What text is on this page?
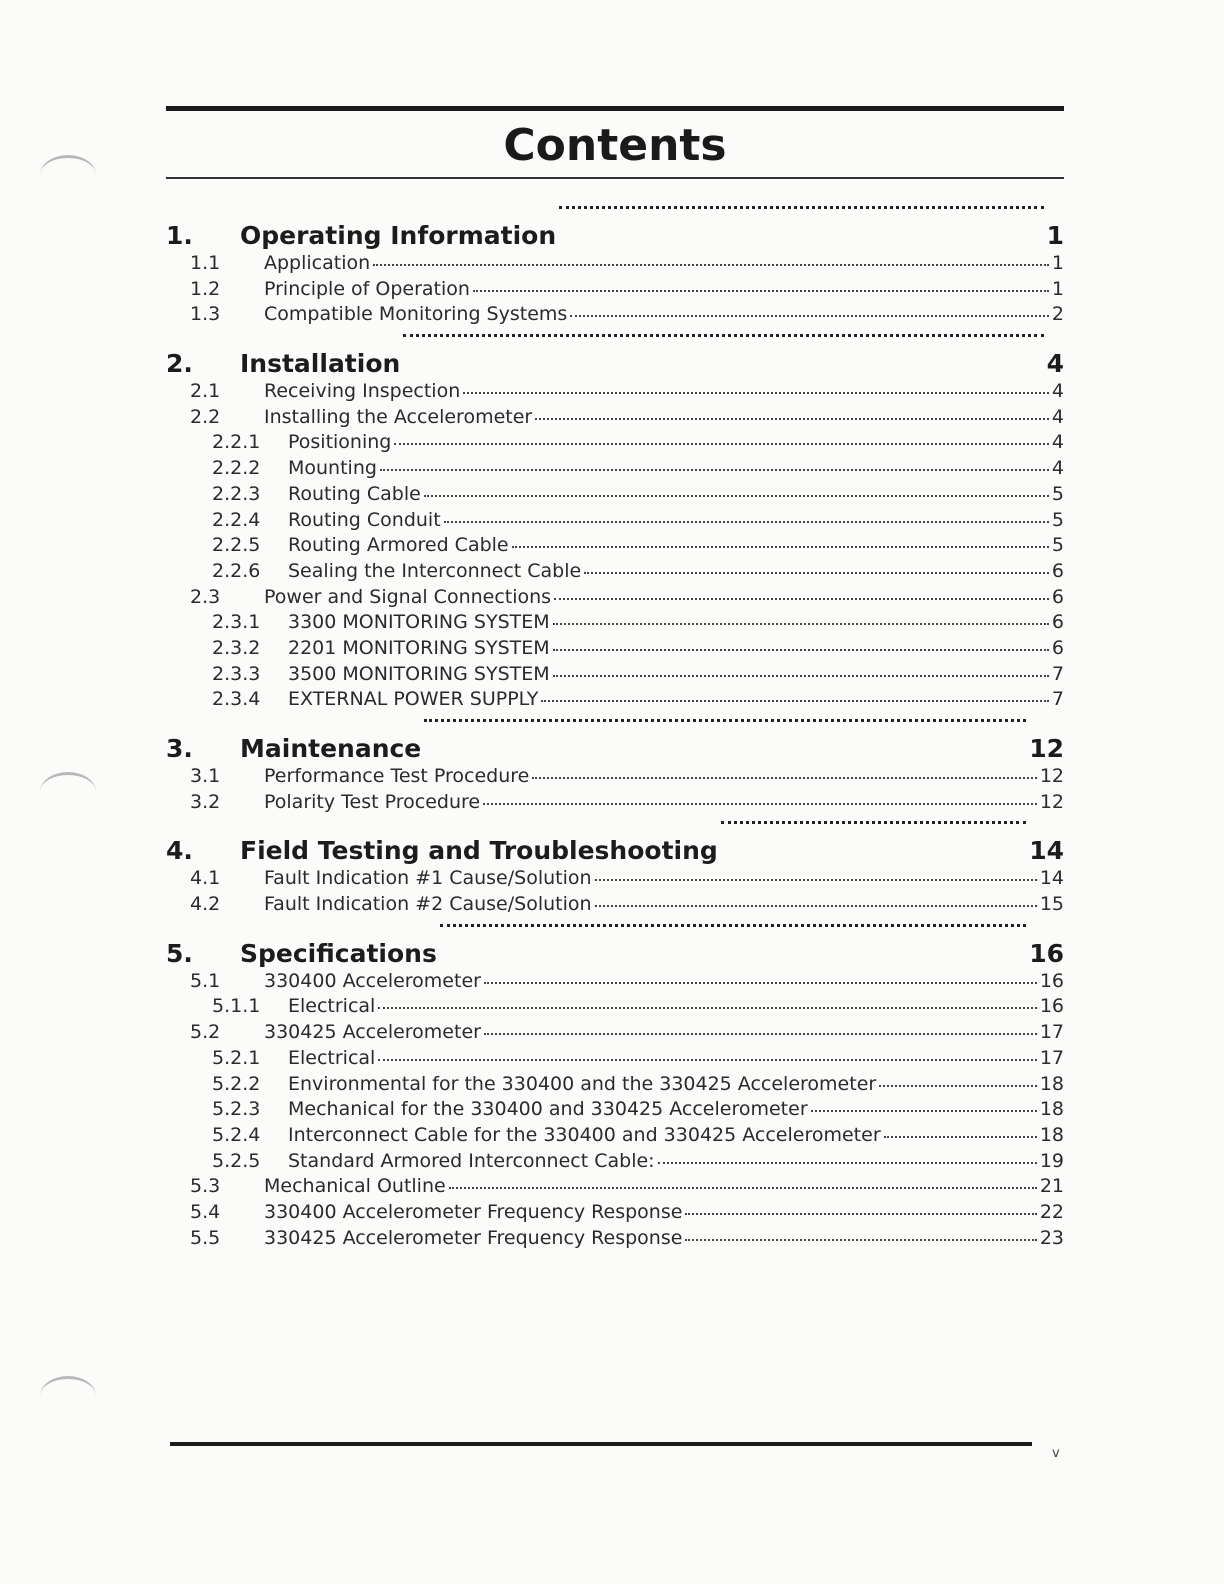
Contents
1.	Operating Information	1
1.1	Application	1
1.2	Principle of Operation	1
1.3	Compatible Monitoring Systems	2
2.	Installation	4
2.1	Receiving Inspection	4
2.2	Installing the Accelerometer	4
2.2.1	Positioning	4
2.2.2	Mounting	4
2.2.3	Routing Cable	5
2.2.4	Routing Conduit	5
2.2.5	Routing Armored Cable	5
2.2.6	Sealing the Interconnect Cable	6
2.3	Power and Signal Connections	6
2.3.1	3300 MONITORING SYSTEM	6
2.3.2	2201 MONITORING SYSTEM	6
2.3.3	3500 MONITORING SYSTEM	7
2.3.4	EXTERNAL POWER SUPPLY	7
3.	Maintenance	12
3.1	Performance Test Procedure	12
3.2	Polarity Test Procedure	12
4.	Field Testing and Troubleshooting	14
4.1	Fault Indication #1 Cause/Solution	14
4.2	Fault Indication #2 Cause/Solution	15
5.	Specifications	16
5.1	330400 Accelerometer	16
5.1.1	Electrical	16
5.2	330425 Accelerometer	17
5.2.1	Electrical	17
5.2.2	Environmental for the 330400 and the 330425 Accelerometer	18
5.2.3	Mechanical for the 330400 and 330425 Accelerometer	18
5.2.4	Interconnect Cable for the 330400 and 330425 Accelerometer	18
5.2.5	Standard Armored Interconnect Cable:	19
5.3	Mechanical Outline	21
5.4	330400 Accelerometer Frequency Response	22
5.5	330425 Accelerometer Frequency Response	23
v
